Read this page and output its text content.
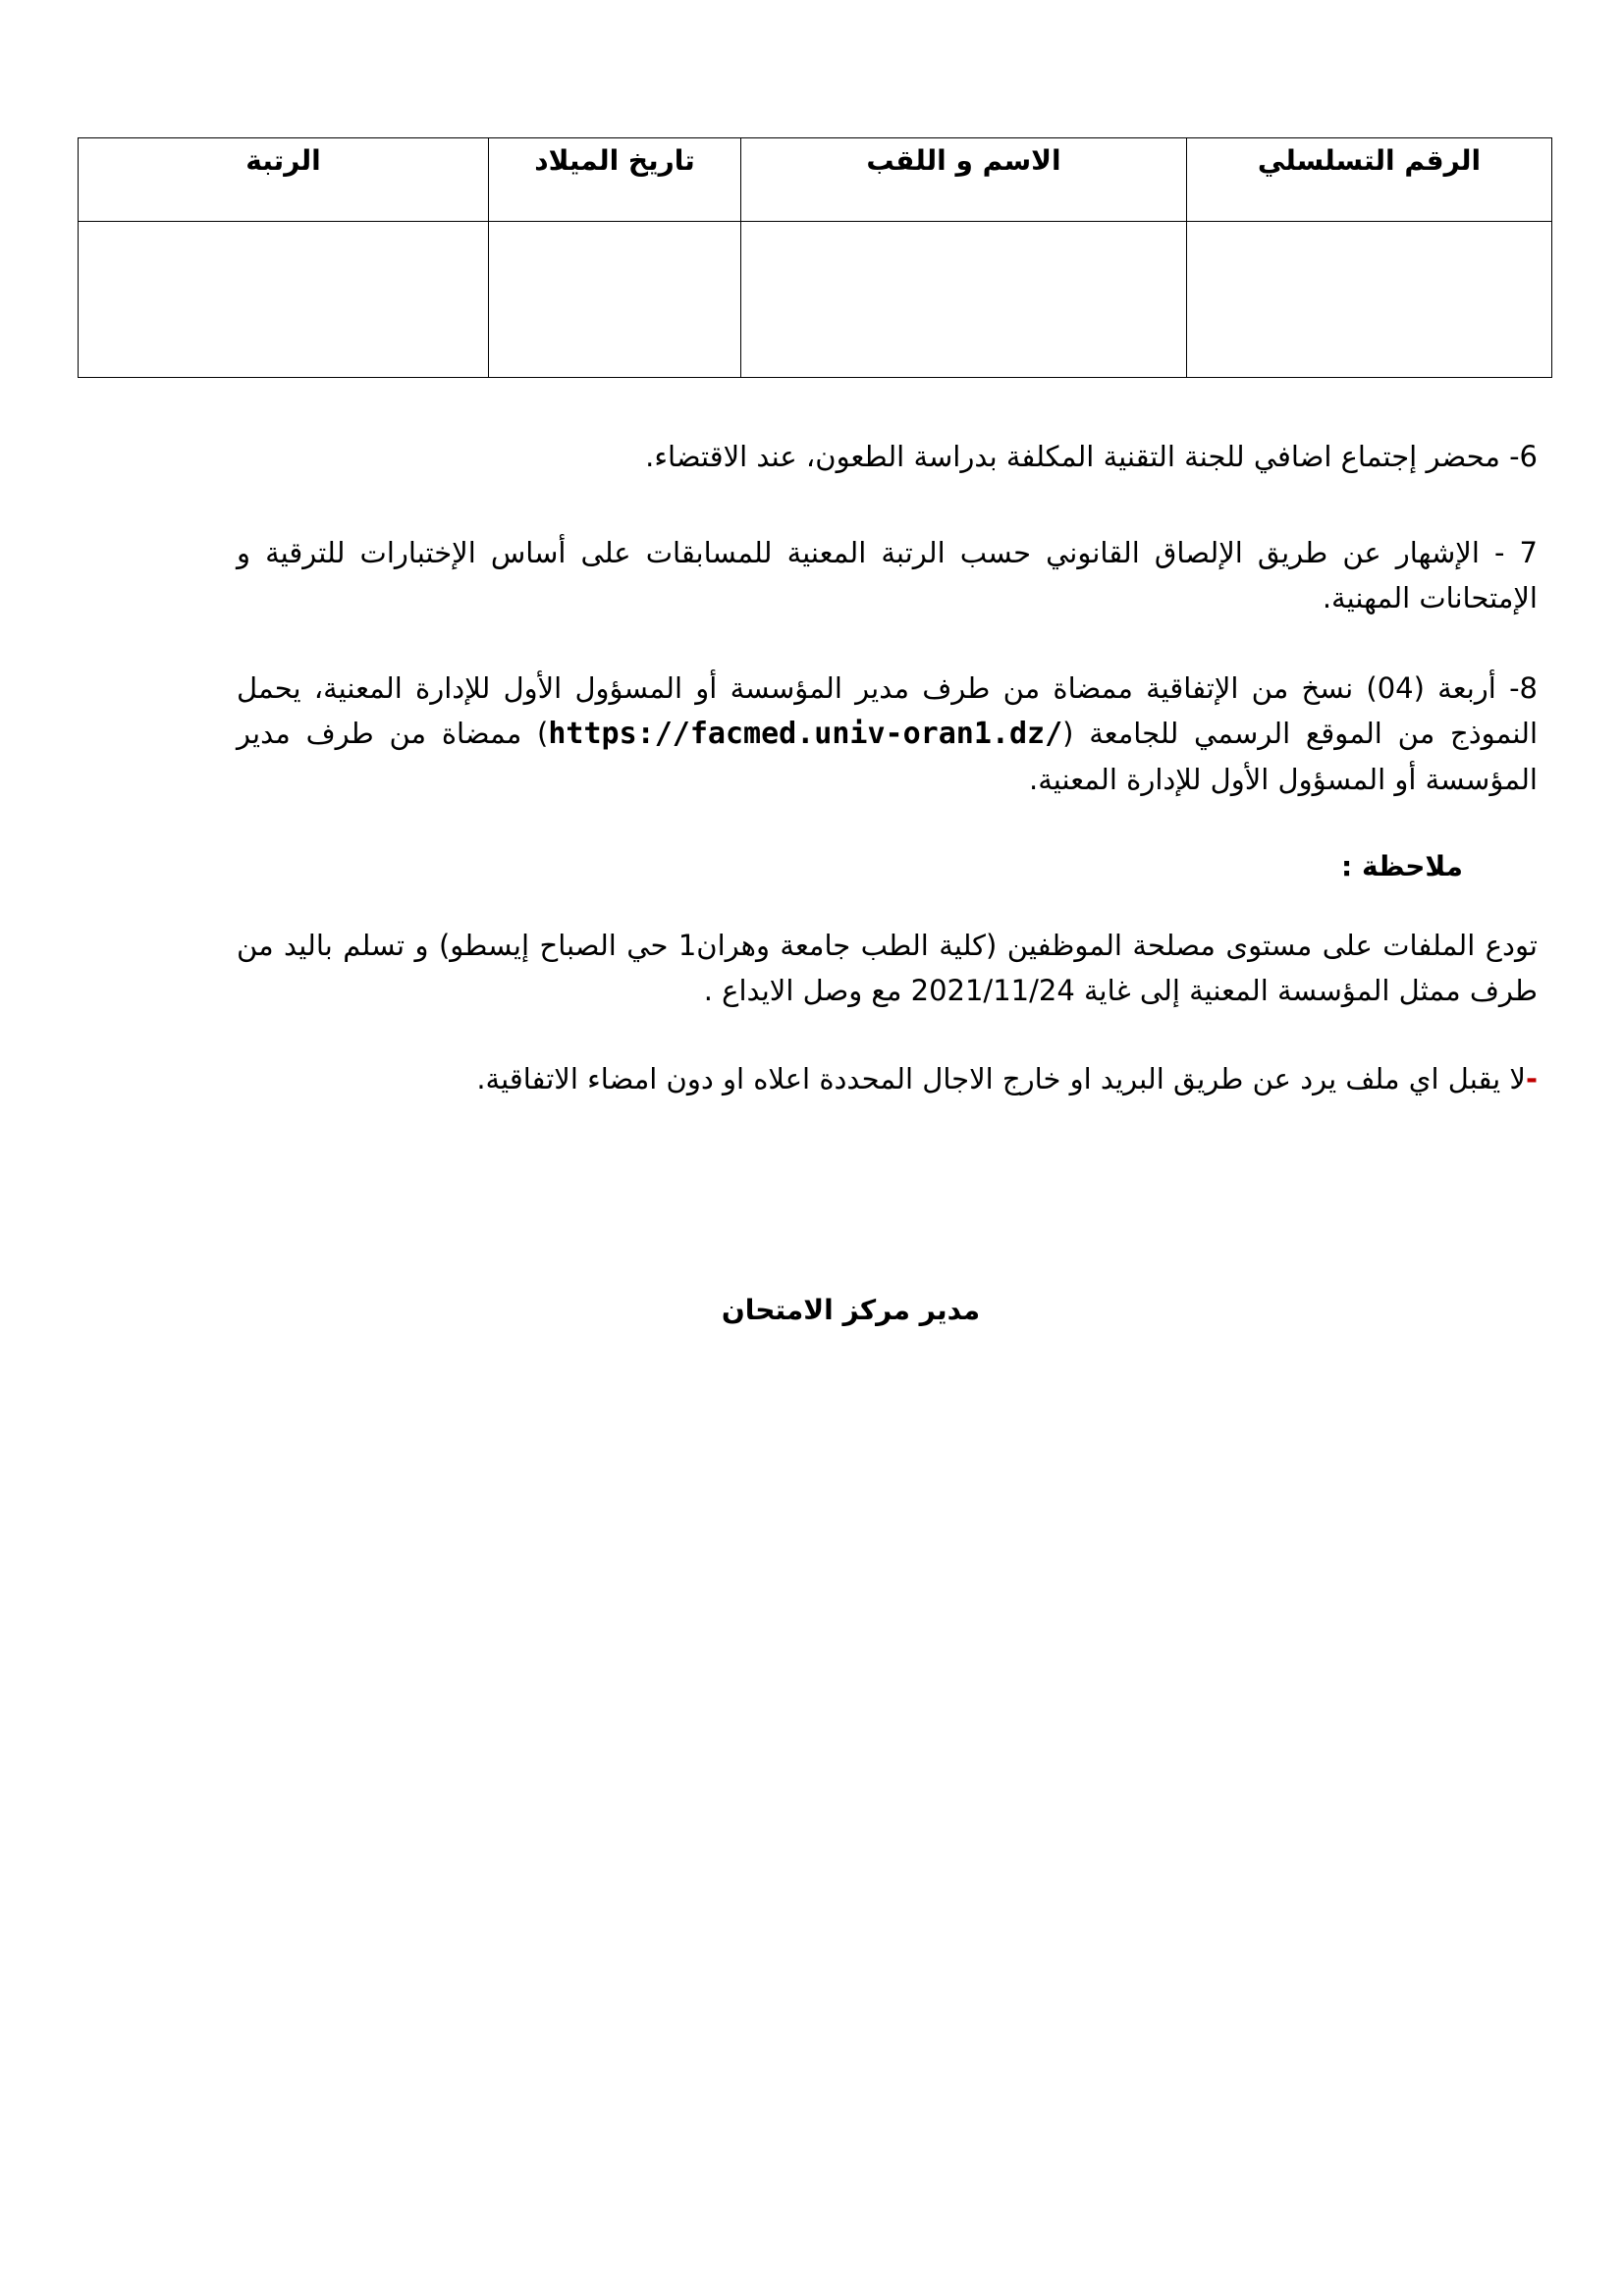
الرقم التسلسلي	الاسم و اللقب	تاريخ الميلاد	الرتبة

6- محضر إجتماع اضافي للجنة التقنية المكلفة بدراسة الطعون، عند الاقتضاء.

7 - الإشهار عن طريق الإلصاق القانوني حسب الرتبة المعنية للمسابقات على أساس الإختبارات للترقية و الإمتحانات المهنية.

8- أربعة (04) نسخ من الإتفاقية ممضاة من طرف مدير المؤسسة أو المسؤول الأول للإدارة المعنية، يحمل النموذج من الموقع الرسمي للجامعة (https://facmed.univ-oran1.dz/) ممضاة من طرف مدير المؤسسة أو المسؤول الأول للإدارة المعنية.

ملاحظة :

تودع الملفات على مستوى مصلحة الموظفين (كلية الطب جامعة وهران1 حي الصباح إيسطو) و تسلم باليد من طرف ممثل المؤسسة المعنية إلى غاية 2021/11/24 مع وصل الايداع .

-لا يقبل اي ملف يرد عن طريق البريد او خارج الاجال المحددة اعلاه او دون امضاء الاتفاقية.

مدير مركز الامتحان
